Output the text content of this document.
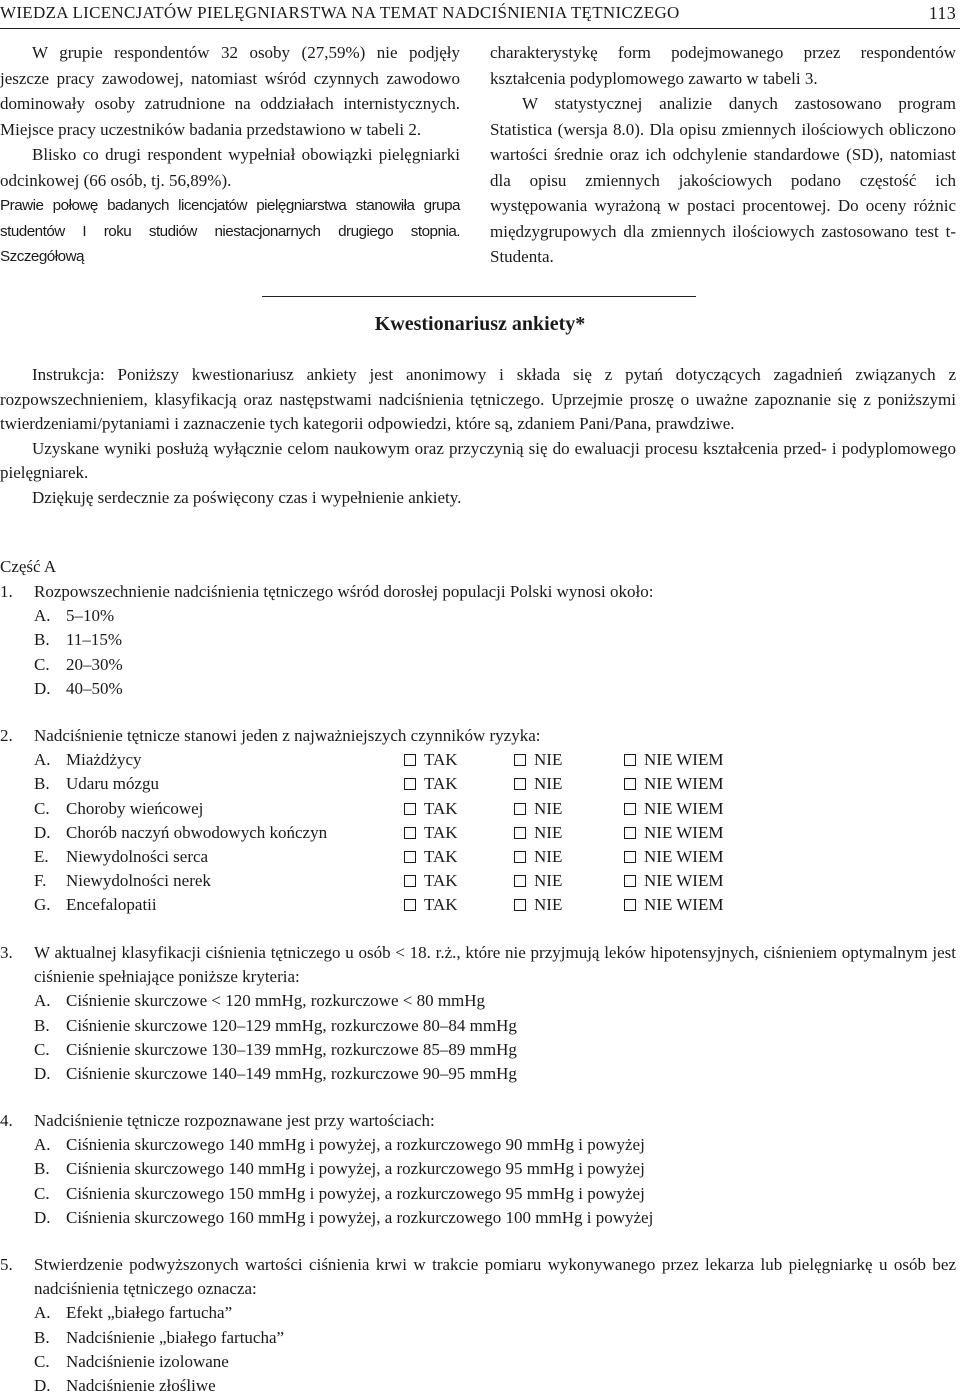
WIEDZA LICENCJATÓW PIELĘGNIARSTWA NA TEMAT NADCIŚNIENIA TĘTNICZEGO	113

W grupie respondentów 32 osoby (27,59%) nie podjęły jeszcze pracy zawodowej, natomiast wśród czynnych zawodowo dominowały osoby zatrudnione na oddziałach internistycznych. Miejsce pracy uczestników badania przedstawiono w tabeli 2.

Blisko co drugi respondent wypełniał obowiązki pielęgniarki odcinkowej (66 osób, tj. 56,89%).

Prawie połowę badanych licencjatów pielęgniarstwa stanowiła grupa studentów I roku studiów niestacjonarnych drugiego stopnia. Szczegółową

charakterystykę form podejmowanego przez respondentów kształcenia podyplomowego zawarto w tabeli 3.

W statystycznej analizie danych zastosowano program Statistica (wersja 8.0). Dla opisu zmiennych ilościowych obliczono wartości średnie oraz ich odchylenie standardowe (SD), natomiast dla opisu zmiennych jakościowych podano częstość ich występowania wyrażoną w postaci procentowej. Do oceny różnic międzygrupowych dla zmiennych ilościowych zastosowano test t-Studenta.

Kwestionariusz ankiety*

Instrukcja: Poniższy kwestionariusz ankiety jest anonimowy i składa się z pytań dotyczących zagadnień związanych z rozpowszechnieniem, klasyfikacją oraz następstwami nadciśnienia tętniczego. Uprzejmie proszę o uważne zapoznanie się z poniższymi twierdzeniami/pytaniami i zaznaczenie tych kategorii odpowiedzi, które są, zdaniem Pani/Pana, prawdziwe.

Uzyskane wyniki posłużą wyłącznie celom naukowym oraz przyczynią się do ewaluacji procesu kształcenia przed- i podyplomowego pielęgniarek.

Dziękuję serdecznie za poświęcony czas i wypełnienie ankiety.

Część A
1.	Rozpowszechnienie nadciśnienia tętniczego wśród dorosłej populacji Polski wynosi około:
A. 5–10%
B. 11–15%
C. 20–30%
D. 40–50%
2.	Nadciśnienie tętnicze stanowi jeden z najważniejszych czynników ryzyka:
A. Miażdżycy	TAK	NIE	NIE WIEM
B. Udaru mózgu	TAK	NIE	NIE WIEM
C. Choroby wieńcowej	TAK	NIE	NIE WIEM
D. Chorób naczyń obwodowych kończyn	TAK	NIE	NIE WIEM
E.	Niewydolności serca	TAK	NIE	NIE WIEM
F.	Niewydolności nerek	TAK	NIE	NIE WIEM
G. Encefalopatii	TAK	NIE	NIE WIEM
3.	W aktualnej klasyfikacji ciśnienia tętniczego u osób < 18. r.ż., które nie przyjmują leków hipotensyjnych, ciśnieniem optymalnym jest ciśnienie spełniające poniższe kryteria:
A. Ciśnienie skurczowe < 120 mmHg, rozkurczowe < 80 mmHg
B. Ciśnienie skurczowe 120–129 mmHg, rozkurczowe 80–84 mmHg
C. Ciśnienie skurczowe 130–139 mmHg, rozkurczowe 85–89 mmHg
D. Ciśnienie skurczowe 140–149 mmHg, rozkurczowe 90–95 mmHg
4.	Nadciśnienie tętnicze rozpoznawane jest przy wartościach:
A. Ciśnienia skurczowego 140 mmHg i powyżej, a rozkurczowego 90 mmHg i powyżej
B. Ciśnienia skurczowego 140 mmHg i powyżej, a rozkurczowego 95 mmHg i powyżej
C. Ciśnienia skurczowego 150 mmHg i powyżej, a rozkurczowego 95 mmHg i powyżej
D. Ciśnienia skurczowego 160 mmHg i powyżej, a rozkurczowego 100 mmHg i powyżej
5.	Stwierdzenie podwyższonych wartości ciśnienia krwi w trakcie pomiaru wykonywanego przez lekarza lub pielęgniarkę u osób bez nadciśnienia tętniczego oznacza:
A. Efekt „białego fartucha”
B. Nadciśnienie „białego fartucha”
C. Nadciśnienie izolowane
D. Nadciśnienie złośliwe
